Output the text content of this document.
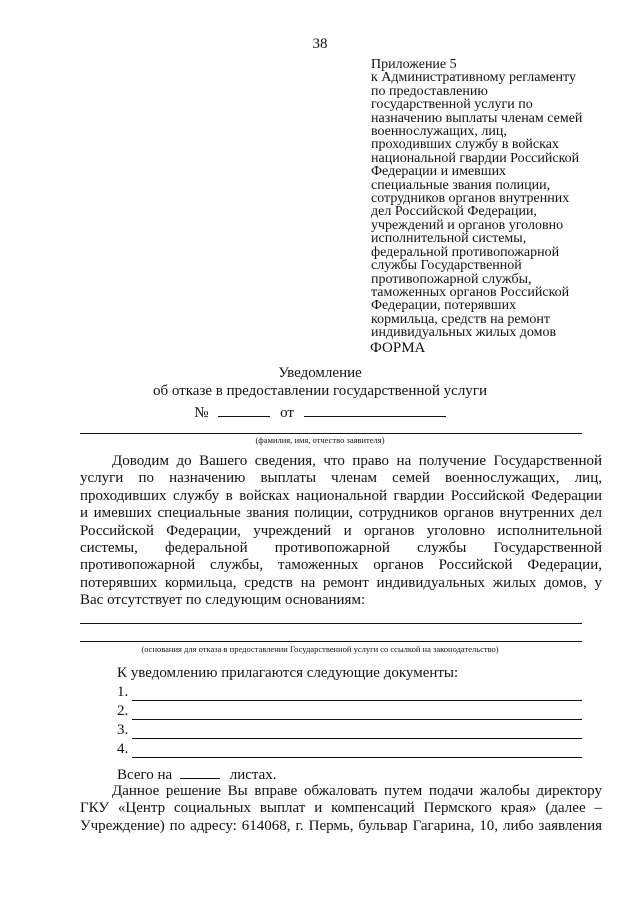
38
Приложение 5
к Административному регламенту
по предоставлению
государственной услуги по
назначению выплаты членам семей
военнослужащих, лиц,
проходивших службу в войсках
национальной гвардии Российской
Федерации и имевших
специальные звания полиции,
сотрудников органов внутренних
дел Российской Федерации,
учреждений и органов уголовно
исполнительной системы,
федеральной противопожарной
службы Государственной
противопожарной службы,
таможенных органов Российской
Федерации, потерявших
кормильца, средств на ремонт
индивидуальных жилых домов
ФОРМА
Уведомление
об отказе в предоставлении государственной услуги
№	от
(фамилия, имя, отчество заявителя)
Доводим до Вашего сведения, что право на получение Государственной
услуги по назначению выплаты членам семей военнослужащих, лиц,
проходивших службу в войсках национальной гвардии Российской Федерации
и имевших специальные звания полиции, сотрудников органов внутренних дел
Российской Федерации, учреждений и органов уголовно исполнительной
системы, федеральной противопожарной службы Государственной
противопожарной службы, таможенных органов Российской Федерации,
потерявших кормильца, средств на ремонт индивидуальных жилых домов, у
Вас отсутствует по следующим основаниям:
(основания для отказа в предоставлении Государственной услуги со ссылкой на законодательство)
К уведомлению прилагаются следующие документы:
1.
2.
3.
4.
Всего на	листах.
Данное решение Вы вправе обжаловать путем подачи жалобы директору
ГКУ «Центр социальных выплат и компенсаций Пермского края» (далее –
Учреждение) по адресу: 614068, г. Пермь, бульвар Гагарина, 10, либо заявления
